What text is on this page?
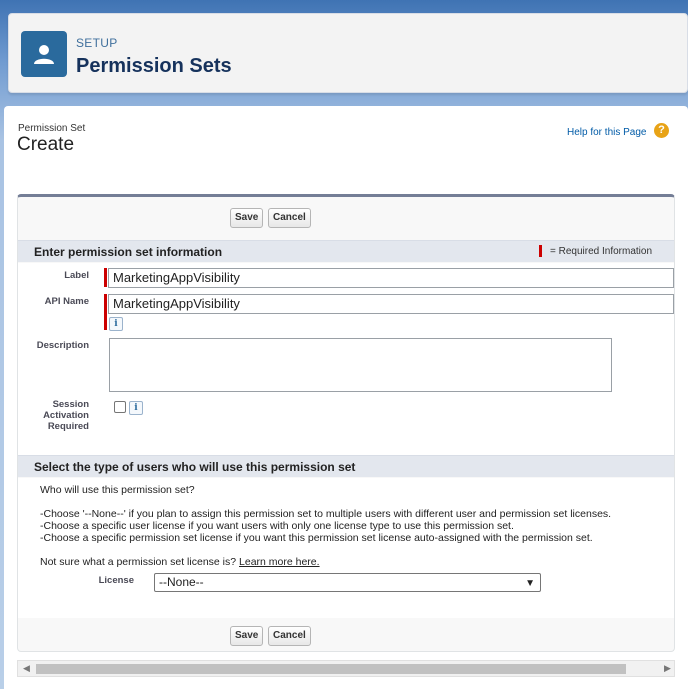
SETUP
Permission Sets
Permission Set
Create
Help for this Page	?
Save	Cancel
Enter permission set information	= Required Information
Label	MarketingAppVisibility
API Name	MarketingAppVisibility
i
Description
Session
Activation
Required
i
Select the type of users who will use this permission set
Who will use this permission set?
-Choose '--None--' if you plan to assign this permission set to multiple users with different user and permission set licenses.
-Choose a specific user license if you want users with only one license type to use this permission set.
-Choose a specific permission set license if you want this permission set license auto-assigned with the permission set.
Not sure what a permission set license is? Learn more here.
License	--None--	▼
Save	Cancel
◀	▶
